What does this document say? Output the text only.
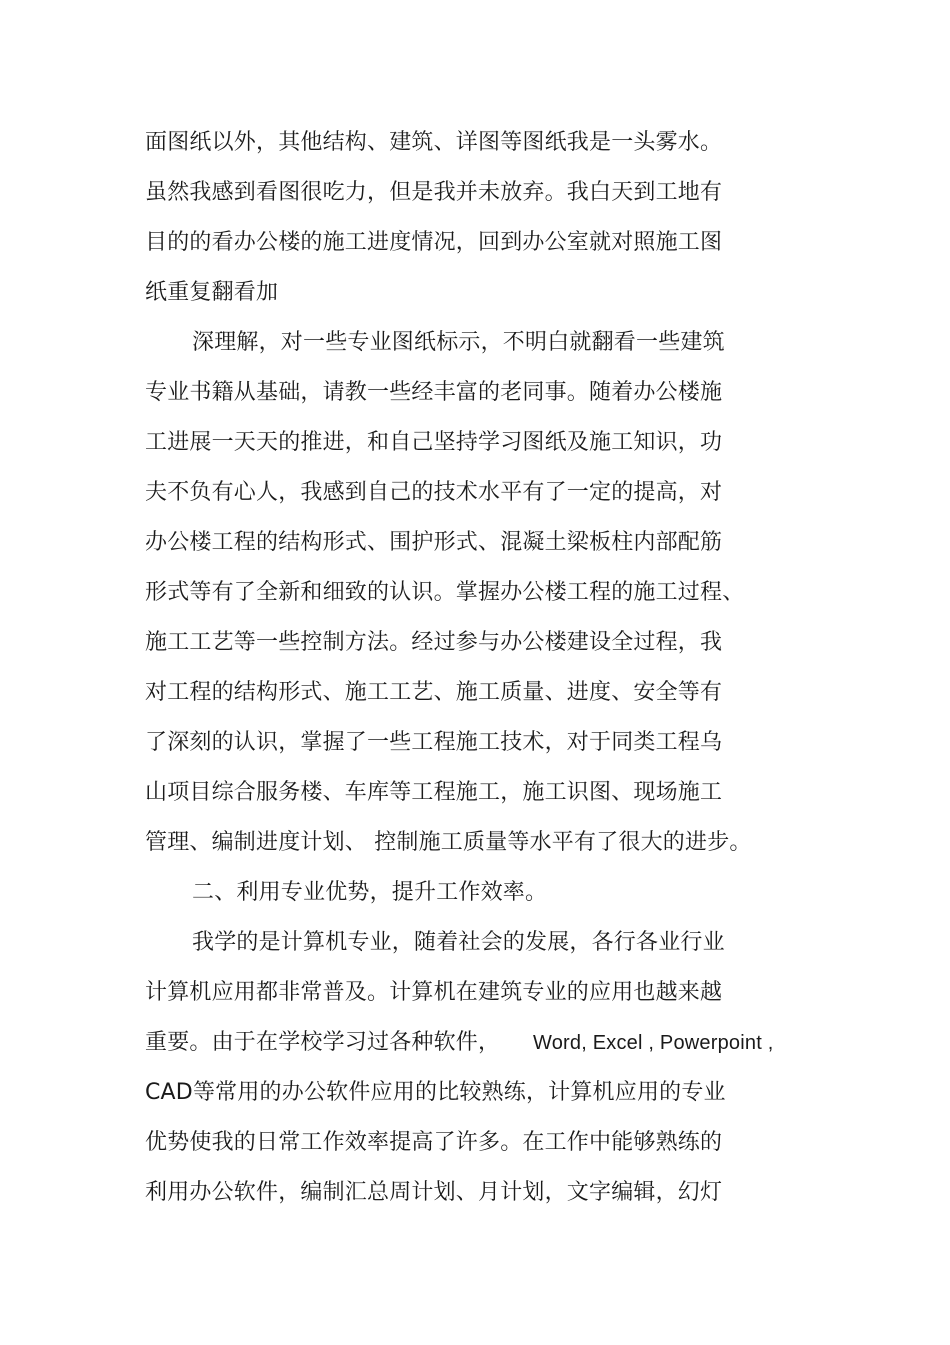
面图纸以外，其他结构、建筑、详图等图纸我是一头雾水。
虽然我感到看图很吃力，但是我并未放弃。我白天到工地有
目的的看办公楼的施工进度情况，回到办公室就对照施工图
纸重复翻看加
深理解，对一些专业图纸标示，不明白就翻看一些建筑
专业书籍从基础，请教一些经丰富的老同事。随着办公楼施
工进展一天天的推进，和自己坚持学习图纸及施工知识，功
夫不负有心人，我感到自己的技术水平有了一定的提高，对
办公楼工程的结构形式、围护形式、混凝土梁板柱内部配筋
形式等有了全新和细致的认识。掌握办公楼工程的施工过程、
施工工艺等一些控制方法。经过参与办公楼建设全过程，我
对工程的结构形式、施工工艺、施工质量、进度、安全等有
了深刻的认识，掌握了一些工程施工技术，对于同类工程乌
山项目综合服务楼、车库等工程施工，施工识图、现场施工
管理、编制进度计划、 控制施工质量等水平有了很大的进步。
二、利用专业优势，提升工作效率。
我学的是计算机专业，随着社会的发展，各行各业行业
计算机应用都非常普及。计算机在建筑专业的应用也越来越
重要。由于在学校学习过各种软件， Word, Excel , Powerpoint ,
CAD等常用的办公软件应用的比较熟练，计算机应用的专业
优势使我的日常工作效率提高了许多。在工作中能够熟练的
利用办公软件，编制汇总周计划、月计划，文字编辑，幻灯
